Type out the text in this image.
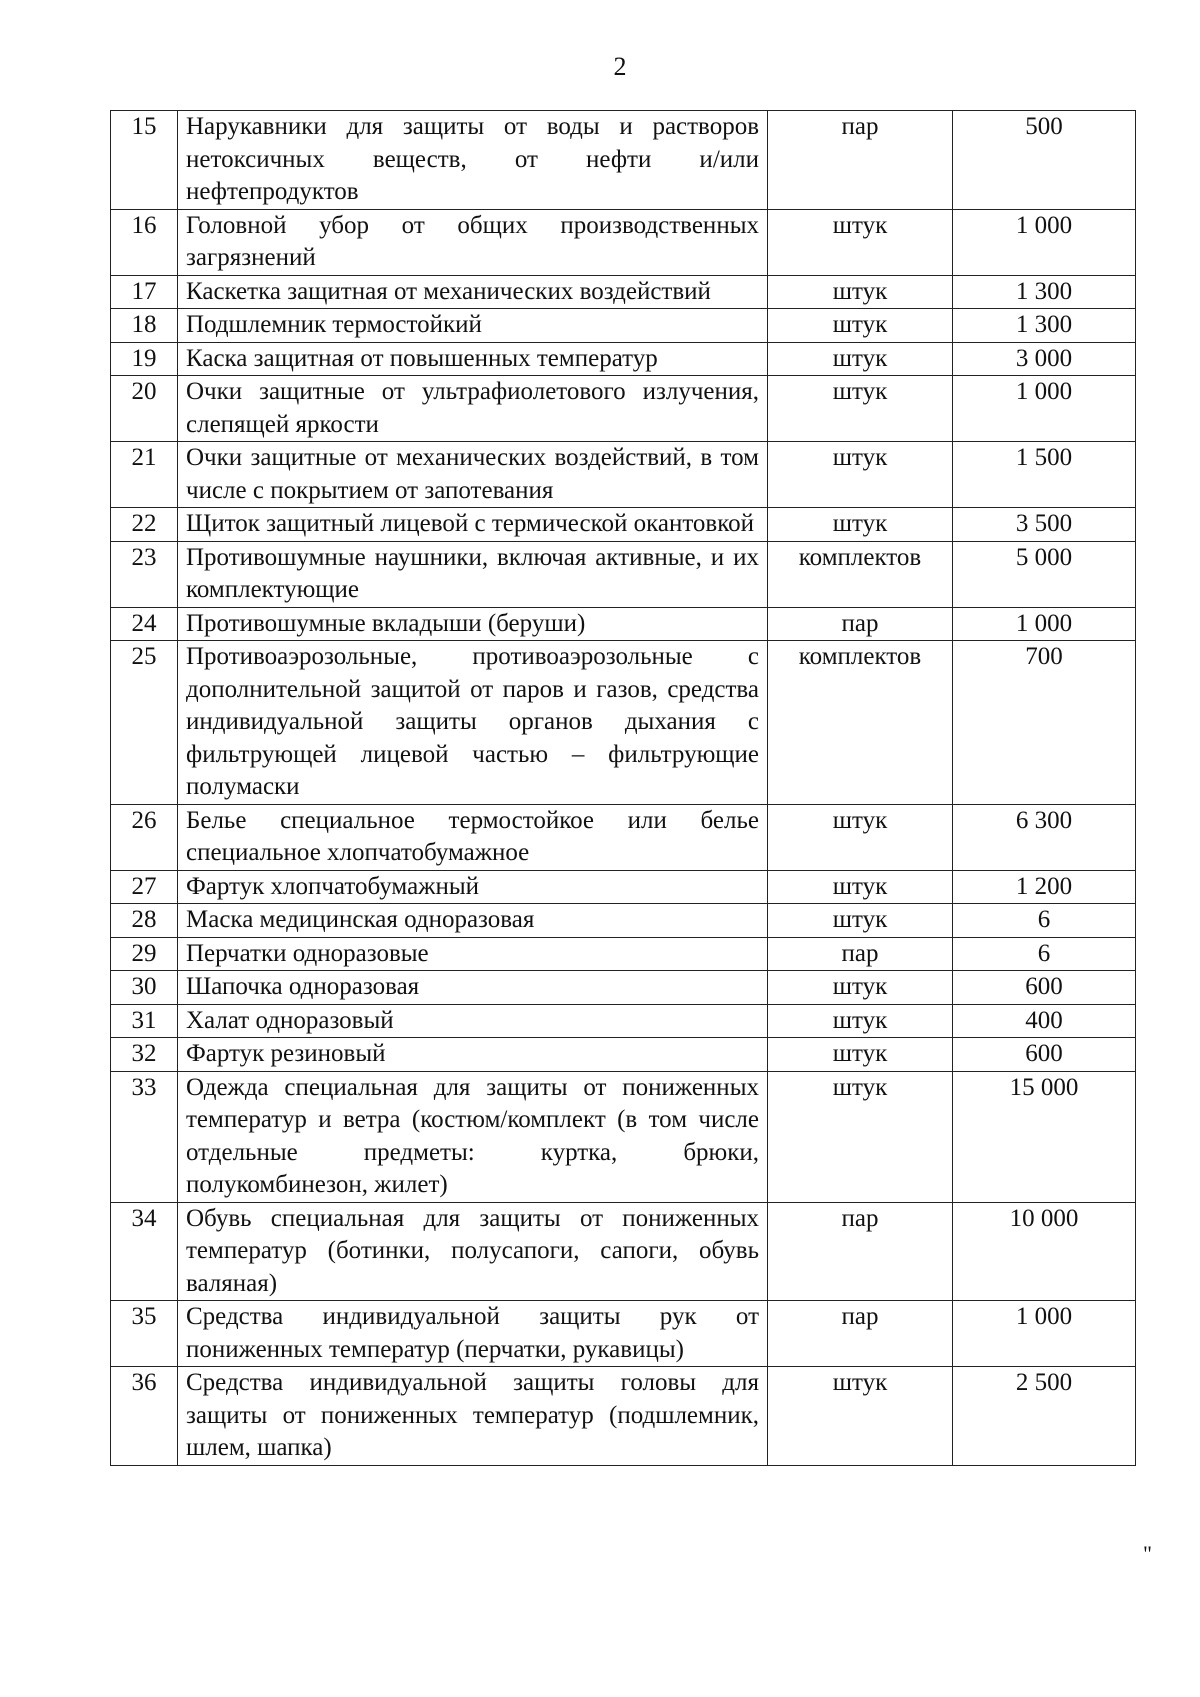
2
15	Нарукавники для защиты от воды и растворов нетоксичных веществ, от нефти и/или нефтепродуктов	пар	500
16	Головной убор от общих производственных загрязнений	штук	1 000
17	Каскетка защитная от механических воздействий	штук	1 300
18	Подшлемник термостойкий	штук	1 300
19	Каска защитная от повышенных температур	штук	3 000
20	Очки защитные от ультрафиолетового излучения, слепящей яркости	штук	1 000
21	Очки защитные от механических воздействий, в том числе с покрытием от запотевания	штук	1 500
22	Щиток защитный лицевой с термической окантовкой	штук	3 500
23	Противошумные наушники, включая активные, и их комплектующие	комплектов	5 000
24	Противошумные вкладыши (беруши)	пар	1 000
25	Противоаэрозольные, противоаэрозольные с дополнительной защитой от паров и газов, средства индивидуальной защиты органов дыхания с фильтрующей лицевой частью – фильтрующие полумаски	комплектов	700
26	Белье специальное термостойкое или белье специальное хлопчатобумажное	штук	6 300
27	Фартук хлопчатобумажный	штук	1 200
28	Маска медицинская одноразовая	штук	6
29	Перчатки одноразовые	пар	6
30	Шапочка одноразовая	штук	600
31	Халат одноразовый	штук	400
32	Фартук резиновый	штук	600
33	Одежда специальная для защиты от пониженных температур и ветра (костюм/комплект (в том числе отдельные предметы: куртка, брюки, полукомбинезон, жилет)	штук	15 000
34	Обувь специальная для защиты от пониженных температур (ботинки, полусапоги, сапоги, обувь валяная)	пар	10 000
35	Средства индивидуальной защиты рук от пониженных температур (перчатки, рукавицы)	пар	1 000
36	Средства индивидуальной защиты головы для защиты от пониженных температур (подшлемник, шлем, шапка)	штук	2 500
"
